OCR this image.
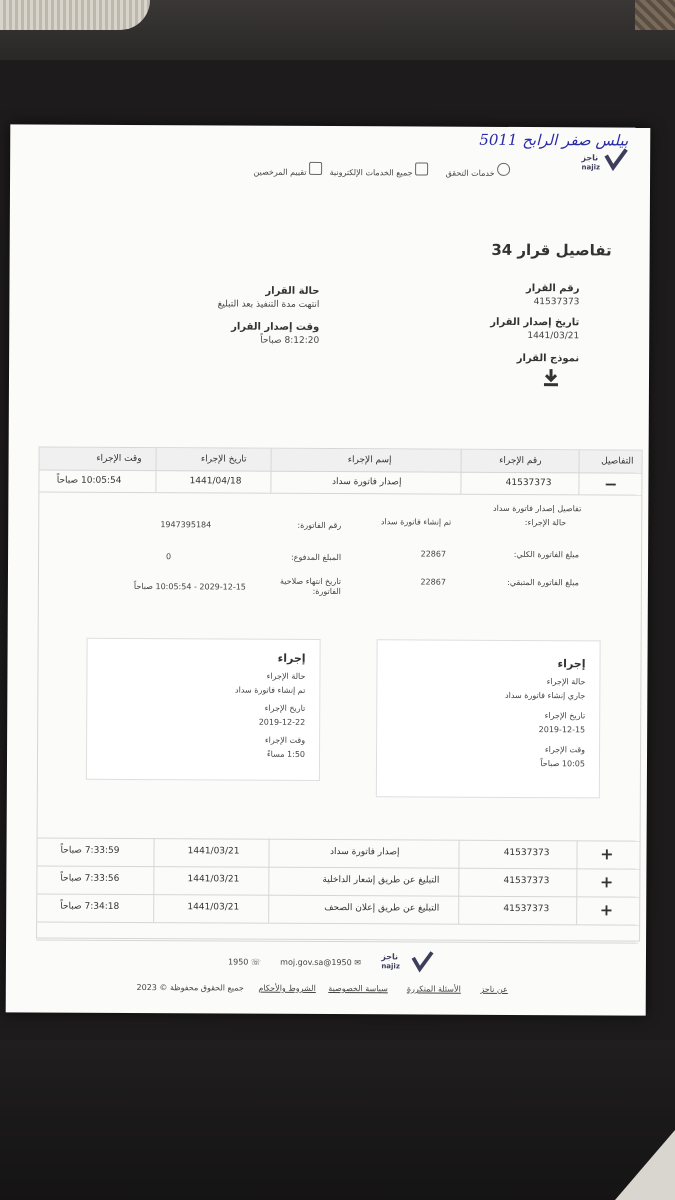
بيلس صفر الرابح 5011
ناجز
najiz
خدمات التحقق
جميع الخدمات الإلكترونية
تقييم المرخصين
تفاصيل قرار 34
رقم القرار
41537373
تاريخ إصدار القرار
1441/03/21
نموذج القرار
حالة القرار
انتهت مدة التنفيذ بعد التبليغ
وقت إصدار القرار
8:12:20 صباحاً
التفاصيل
رقم الإجراء
إسم الإجراء
تاريخ الإجراء
وقت الإجراء
−
41537373
إصدار فاتورة سداد
1441/04/18
10:05:54 صباحاً
تفاصيل إصدار فاتورة سداد
حالة الإجراء:
تم إنشاء فاتورة سداد
رقم الفاتورة:
1947395184
مبلغ الفاتورة الكلي:
22867
المبلغ المدفوع:
0
مبلغ الفاتورة المتبقي:
22867
تاريخ انتهاء صلاحية
الفاتورة:
2029-12-15 - 10:05:54 صباحاً
إجراء
حالة الإجراء
جاري إنشاء فاتورة سداد
تاريخ الإجراء
2019-12-15
وقت الإجراء
10:05 صباحاً
إجراء
حالة الإجراء
تم إنشاء فاتورة سداد
تاريخ الإجراء
2019-12-22
وقت الإجراء
1:50 مساءً
+
41537373
إصدار فاتورة سداد
1441/03/21
7:33:59 صباحاً
+
41537373
التبليغ عن طريق إشعار الداخلية
1441/03/21
7:33:56 صباحاً
+
41537373
التبليغ عن طريق إعلان الصحف
1441/03/21
7:34:18 صباحاً
ناجز
najiz
✉ 1950@moj.gov.sa
☏ 1950
عن ناجز
الأسئلة المتكررة
سياسة الخصوصية
الشروط والأحكام
جميع الحقوق محفوظة © 2023
